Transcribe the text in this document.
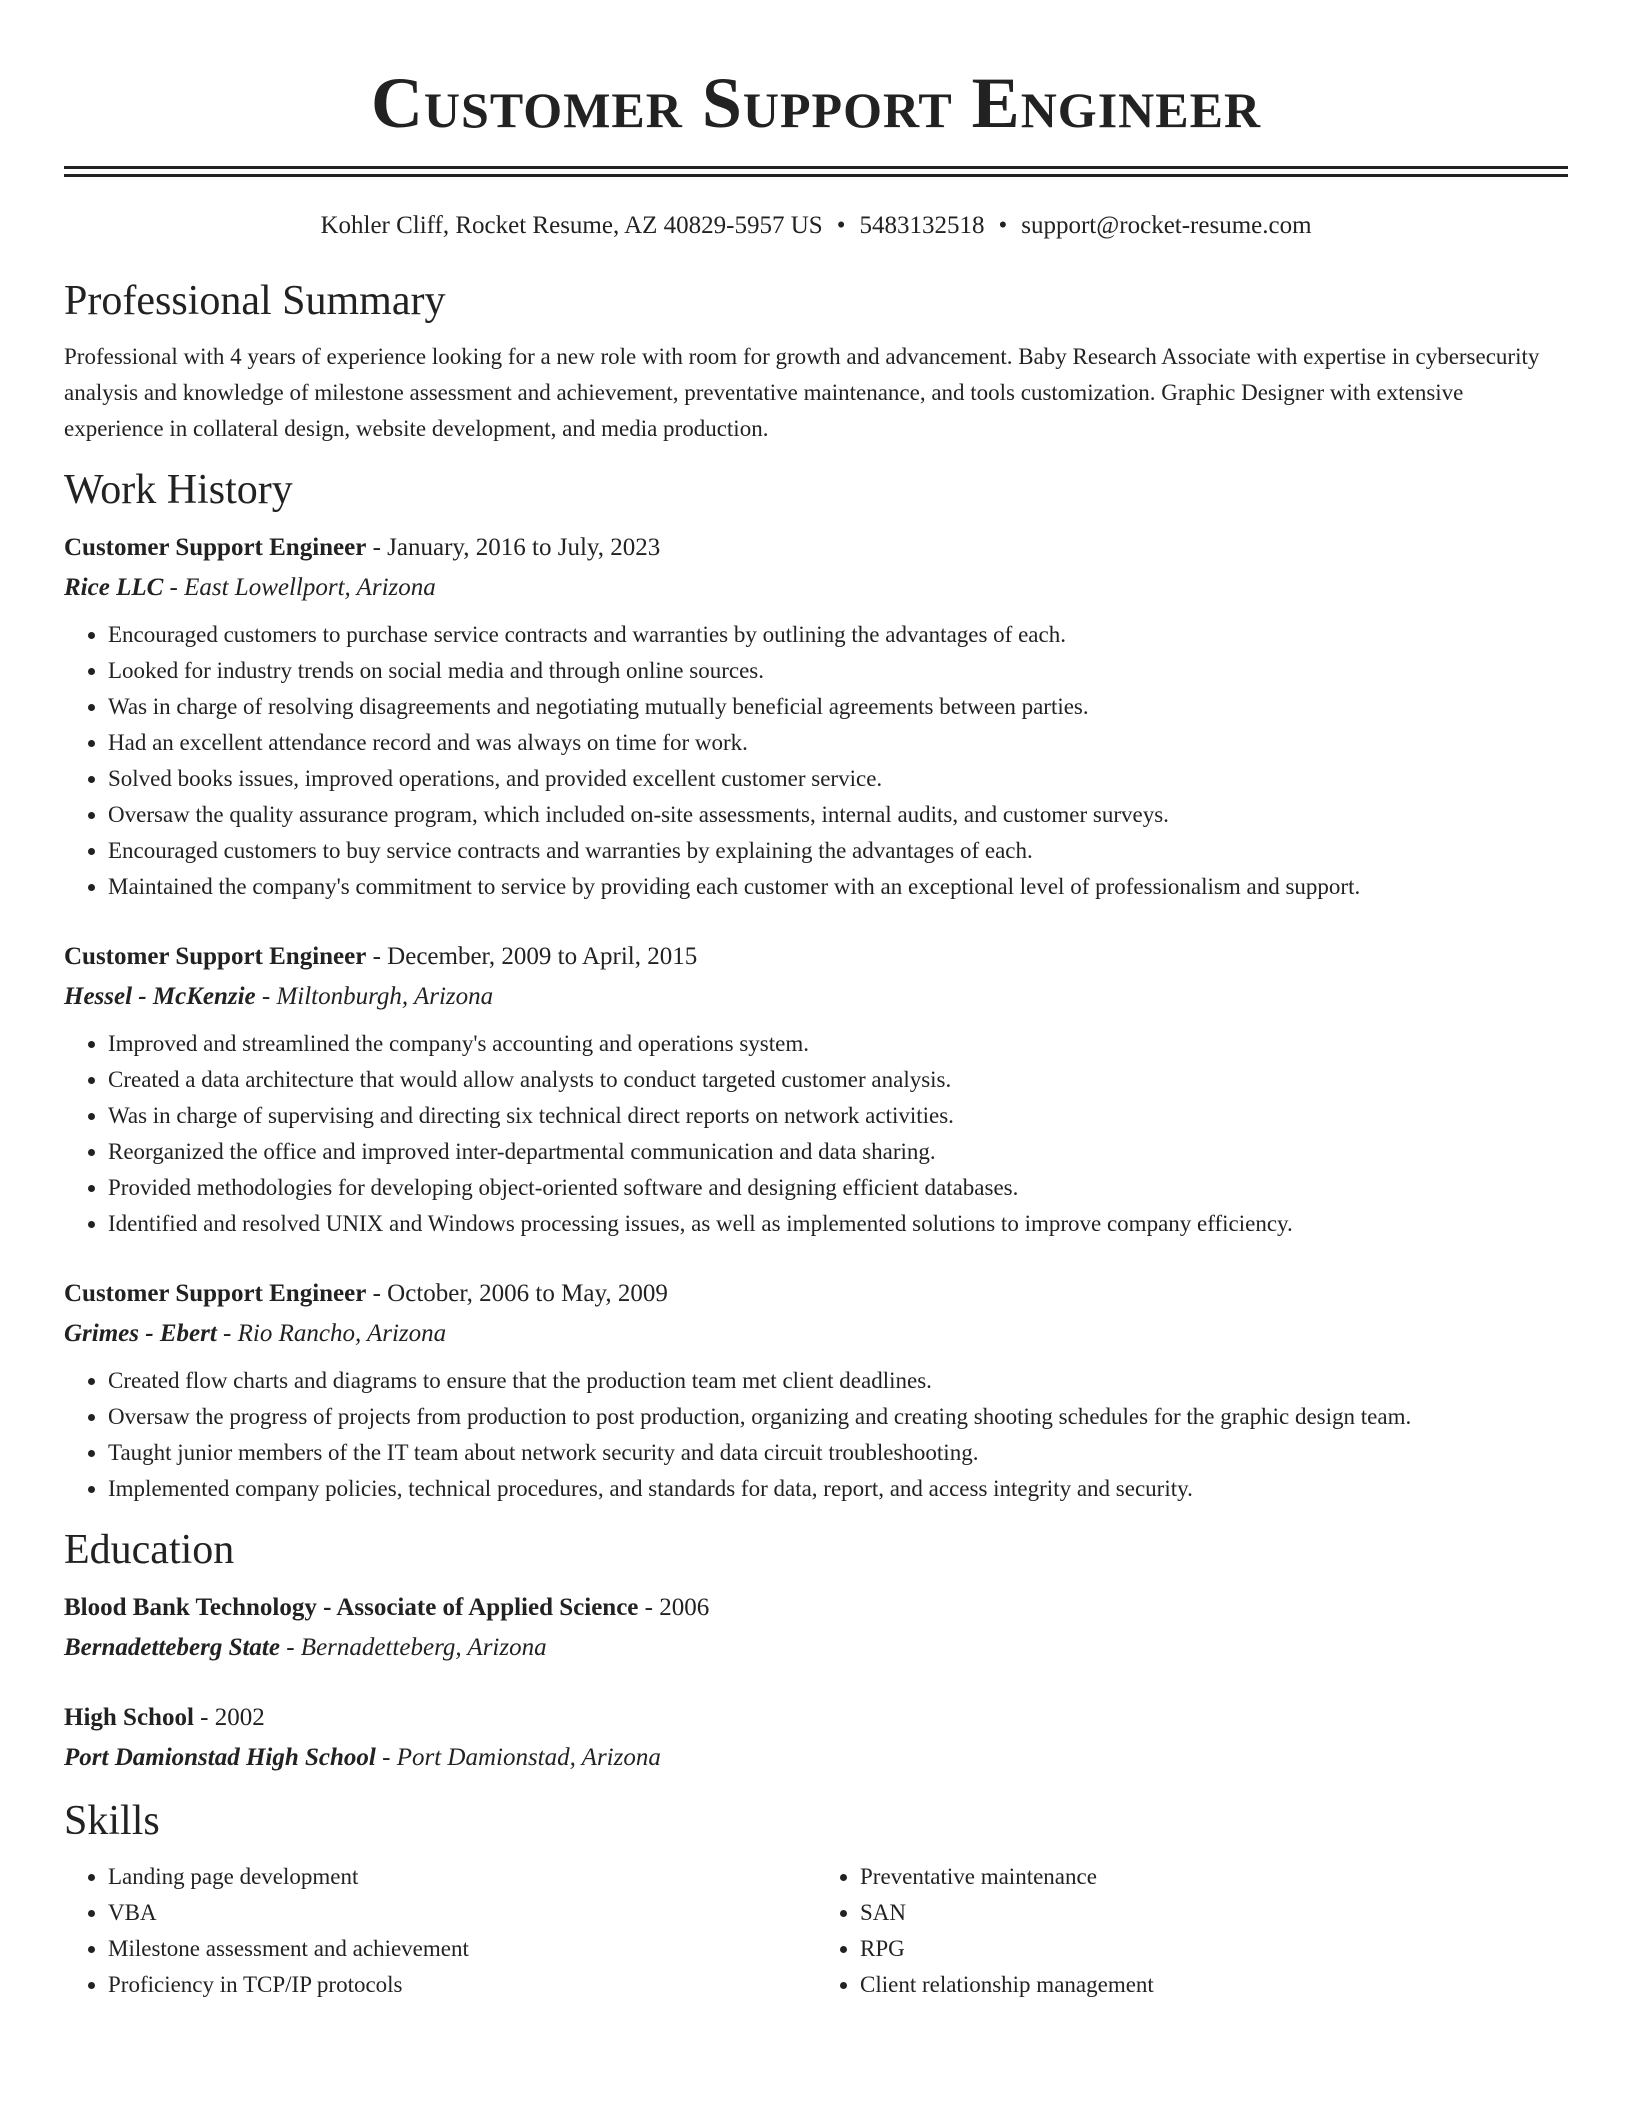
Customer Support Engineer
Kohler Cliff, Rocket Resume, AZ 40829-5957 US • 5483132518 • support@rocket-resume.com
Professional Summary

Professional with 4 years of experience looking for a new role with room for growth and advancement. Baby Research Associate with expertise in cybersecurity analysis and knowledge of milestone assessment and achievement, preventative maintenance, and tools customization. Graphic Designer with extensive experience in collateral design, website development, and media production.

Work History
Customer Support Engineer - January, 2016 to July, 2023
Rice LLC - East Lowellport, Arizona
• Encouraged customers to purchase service contracts and warranties by outlining the advantages of each.
• Looked for industry trends on social media and through online sources.
• Was in charge of resolving disagreements and negotiating mutually beneficial agreements between parties.
• Had an excellent attendance record and was always on time for work.
• Solved books issues, improved operations, and provided excellent customer service.
• Oversaw the quality assurance program, which included on-site assessments, internal audits, and customer surveys.
• Encouraged customers to buy service contracts and warranties by explaining the advantages of each.
• Maintained the company's commitment to service by providing each customer with an exceptional level of professionalism and support.
Customer Support Engineer - December, 2009 to April, 2015
Hessel - McKenzie - Miltonburgh, Arizona
• Improved and streamlined the company's accounting and operations system.
• Created a data architecture that would allow analysts to conduct targeted customer analysis.
• Was in charge of supervising and directing six technical direct reports on network activities.
• Reorganized the office and improved inter-departmental communication and data sharing.
• Provided methodologies for developing object-oriented software and designing efficient databases.
• Identified and resolved UNIX and Windows processing issues, as well as implemented solutions to improve company efficiency.
Customer Support Engineer - October, 2006 to May, 2009
Grimes - Ebert - Rio Rancho, Arizona
• Created flow charts and diagrams to ensure that the production team met client deadlines.
• Oversaw the progress of projects from production to post production, organizing and creating shooting schedules for the graphic design team.
• Taught junior members of the IT team about network security and data circuit troubleshooting.
• Implemented company policies, technical procedures, and standards for data, report, and access integrity and security.
Education
Blood Bank Technology - Associate of Applied Science - 2006
Bernadetteberg State - Bernadetteberg, Arizona
High School - 2002
Port Damionstad High School - Port Damionstad, Arizona
Skills
• Landing page development
• VBA
• Milestone assessment and achievement
• Proficiency in TCP/IP protocols
• Preventative maintenance
• SAN
• RPG
• Client relationship management
